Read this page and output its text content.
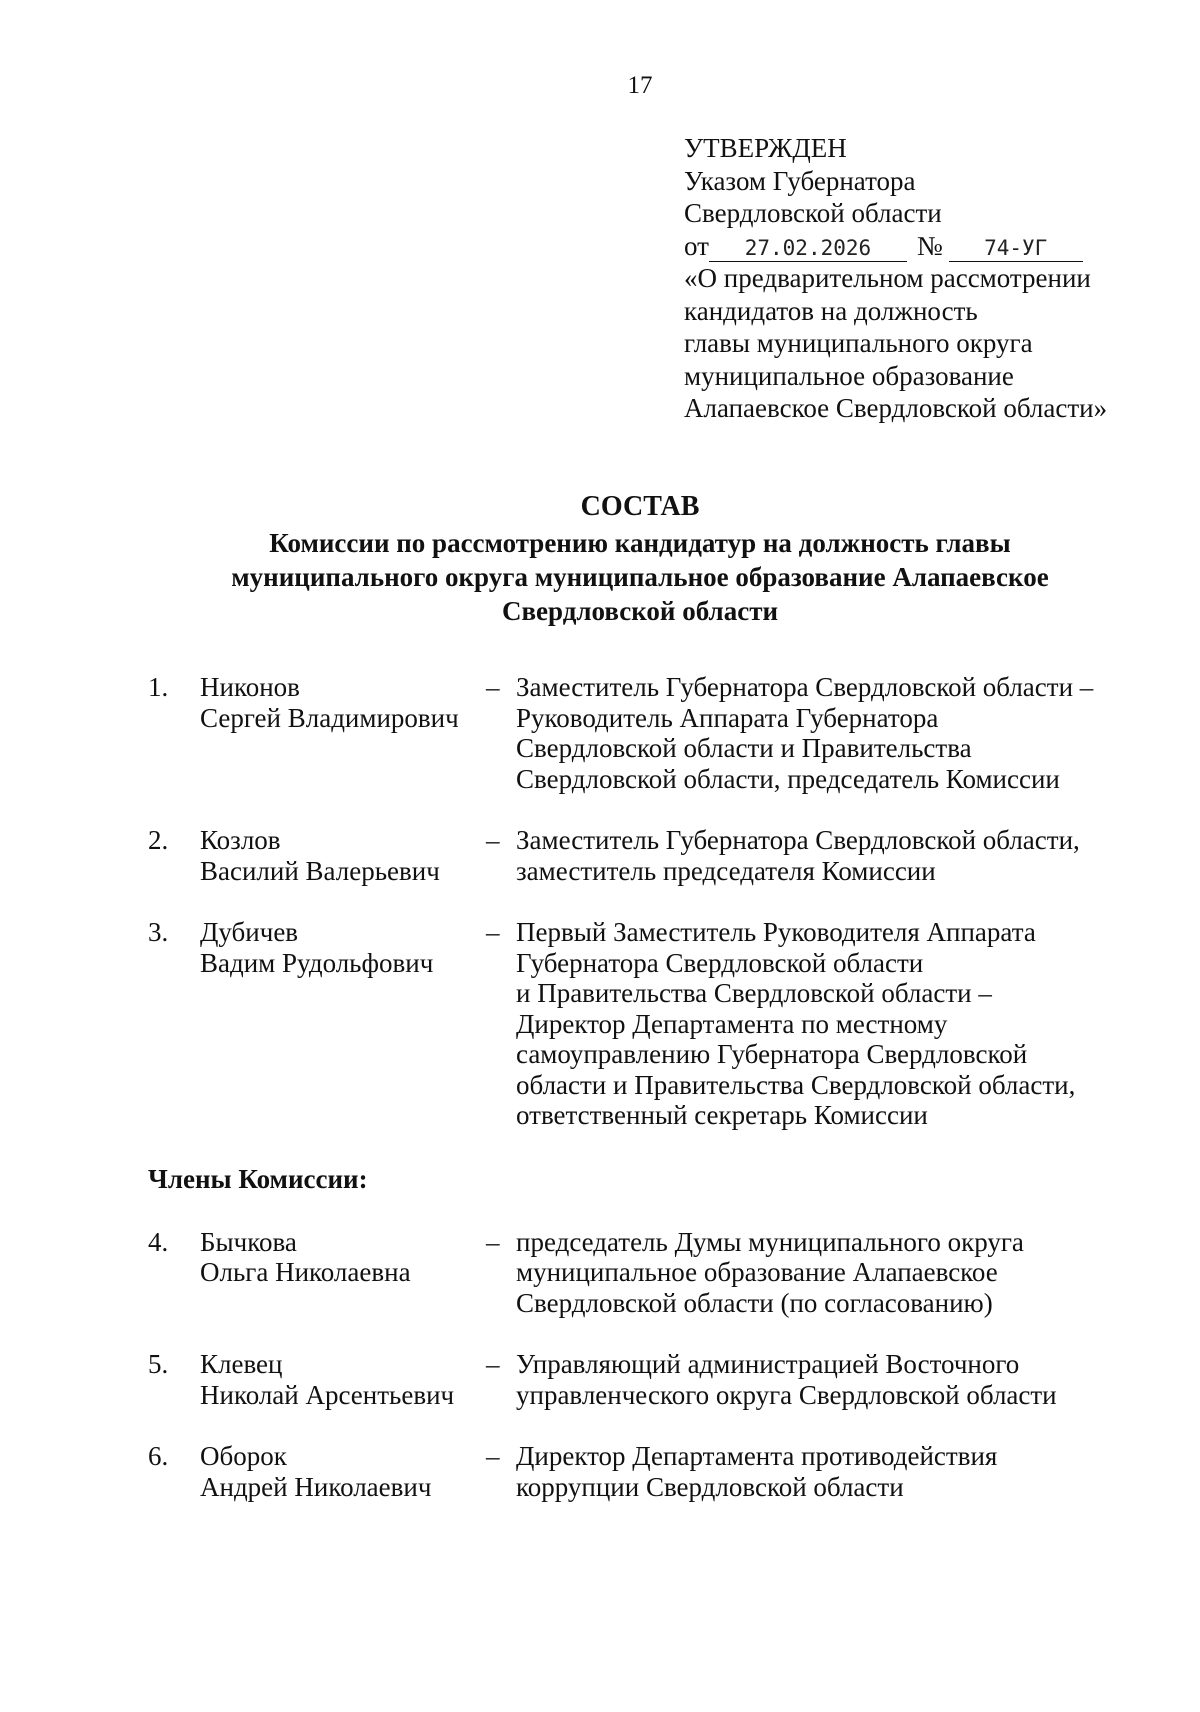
17
УТВЕРЖДЕН
Указом Губернатора
Свердловской области
от 27.02.2026 № 74-УГ
«О предварительном рассмотрении
кандидатов на должность
главы муниципального округа
муниципальное образование
Алапаевское Свердловской области»
СОСТАВ
Комиссии по рассмотрению кандидатур на должность главы
муниципального округа муниципальное образование Алапаевское
Свердловской области
1. Никонов
Сергей Владимирович
– Заместитель Губернатора Свердловской области –
Руководитель Аппарата Губернатора
Свердловской области и Правительства
Свердловской области, председатель Комиссии
2. Козлов
Василий Валерьевич
– Заместитель Губернатора Свердловской области,
заместитель председателя Комиссии
3. Дубичев
Вадим Рудольфович
– Первый Заместитель Руководителя Аппарата
Губернатора Свердловской области
и Правительства Свердловской области –
Директор Департамента по местному
самоуправлению Губернатора Свердловской
области и Правительства Свердловской области,
ответственный секретарь Комиссии
Члены Комиссии:
4. Бычкова
Ольга Николаевна
– председатель Думы муниципального округа
муниципальное образование Алапаевское
Свердловской области (по согласованию)
5. Клевец
Николай Арсентьевич
– Управляющий администрацией Восточного
управленческого округа Свердловской области
6. Оборок
Андрей Николаевич
– Директор Департамента противодействия
коррупции Свердловской области
